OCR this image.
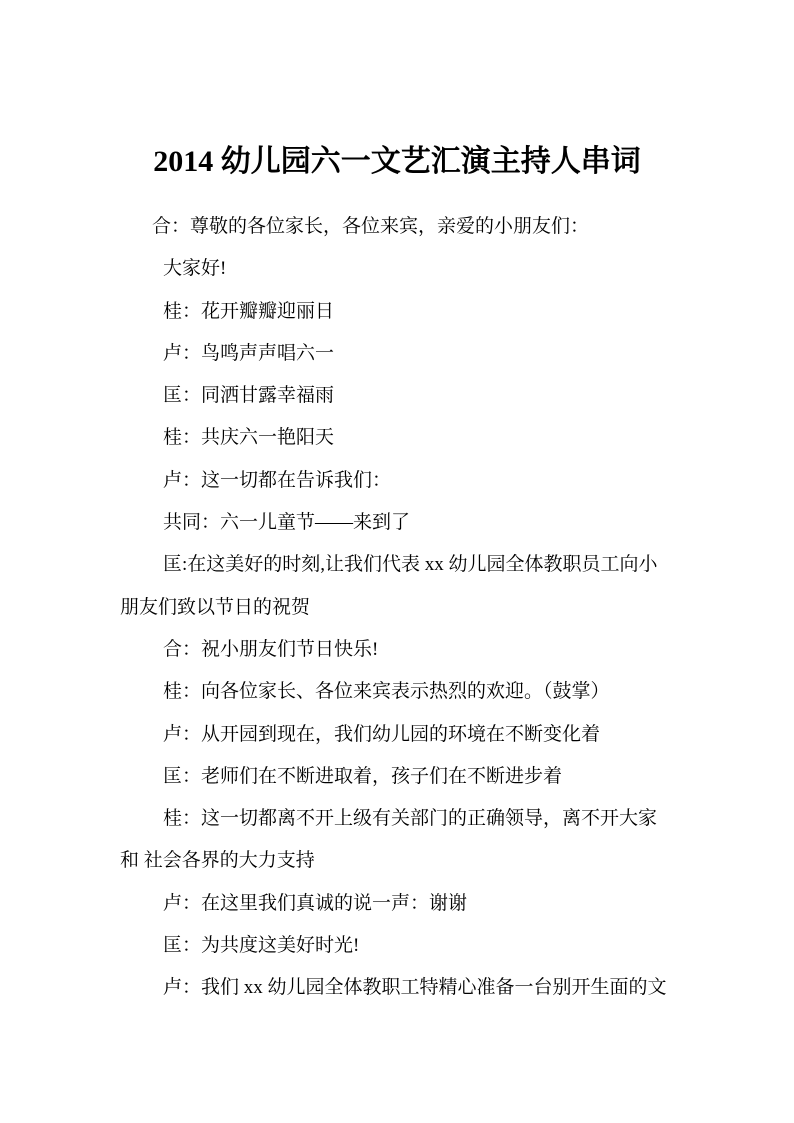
2014 幼儿园六一文艺汇演主持人串词
合：尊敬的各位家长，各位来宾，亲爱的小朋友们：
大家好!
桂：花开瓣瓣迎丽日
卢：鸟鸣声声唱六一
匡：同洒甘露幸福雨
桂：共庆六一艳阳天
卢：这一切都在告诉我们：
共同：六一儿童节——来到了
匡:在这美好的时刻,让我们代表 xx 幼儿园全体教职员工向小
朋友们致以节日的祝贺
合：祝小朋友们节日快乐!
桂：向各位家长、各位来宾表示热烈的欢迎。（鼓掌）
卢：从开园到现在，我们幼儿园的环境在不断变化着
匡：老师们在不断进取着，孩子们在不断进步着
桂：这一切都离不开上级有关部门的正确领导，离不开大家
和 社会各界的大力支持
卢：在这里我们真诚的说一声：谢谢
匡：为共度这美好时光!
卢：我们 xx 幼儿园全体教职工特精心准备一台别开生面的文
